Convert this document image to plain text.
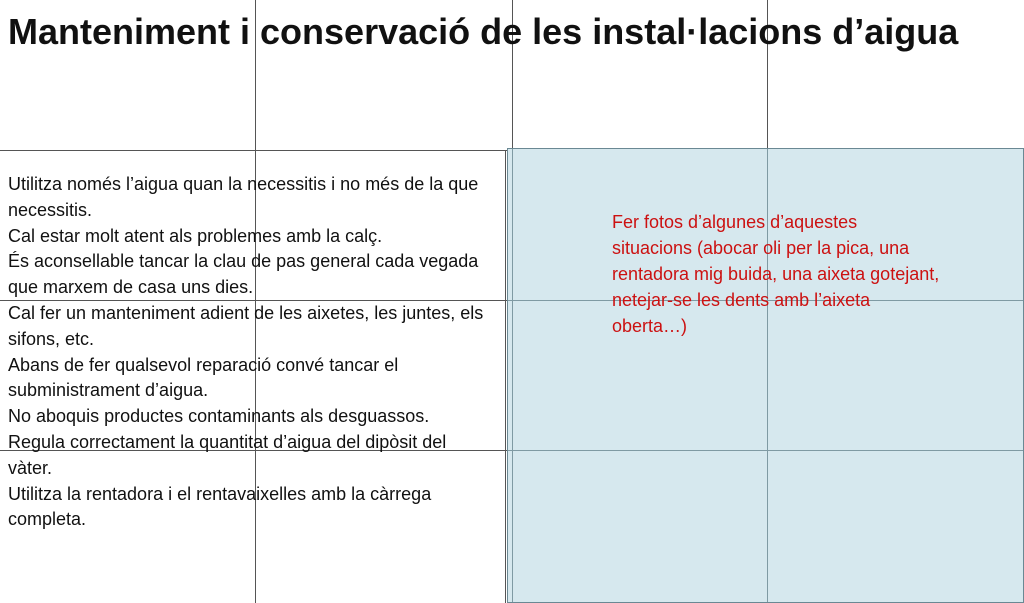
Manteniment i conservació de les instal·lacions d’aigua
Utilitza només l’aigua quan la necessitis i no més de la que necessitis.
Cal estar molt atent als problemes amb la calç.
És aconsellable tancar la clau de pas general cada vegada que marxem de casa uns dies.
Cal fer un manteniment adient de les aixetes, les juntes, els sifons, etc.
Abans de fer qualsevol reparació convé tancar el subministrament d’aigua.
No aboquis productes contaminants als desguassos.
Regula correctament la quantitat d’aigua del dipòsit del vàter.
Utilitza la rentadora i el rentavaixelles amb la càrrega completa.

Fer fotos d’algunes d’aquestes situacions (abocar oli per la pica, una rentadora mig buida, una aixeta gotejant, netejar-se les dents amb l’aixeta oberta…)
